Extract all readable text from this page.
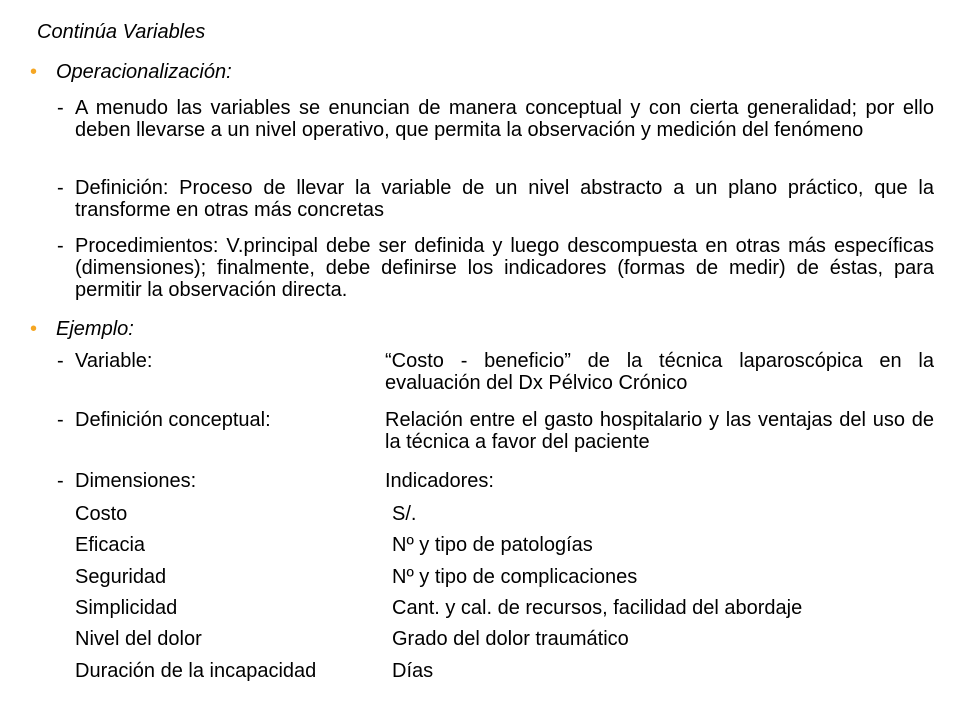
Continúa Variables
• Operacionalización:
- A menudo las variables se enuncian de manera conceptual y con cierta generalidad; por ello deben llevarse a un nivel operativo, que permita la observación y medición del fenómeno
- Definición: Proceso de llevar la variable de un nivel abstracto a un plano práctico, que la transforme en otras más concretas
- Procedimientos: V.principal debe ser definida y luego descompuesta en otras más específicas (dimensiones); finalmente, debe definirse los indicadores (formas de medir) de éstas, para permitir la observación directa.
• Ejemplo:
- Variable:	“Costo - beneficio” de la técnica laparoscópica en la evaluación del Dx Pélvico Crónico
- Definición conceptual:	Relación entre el gasto hospitalario y las ventajas del uso de la técnica a favor del paciente
- Dimensiones:	Indicadores:
Costo	S/.
Eficacia	Nº y tipo de patologías
Seguridad	Nº y tipo de complicaciones
Simplicidad	Cant. y cal. de recursos, facilidad del abordaje
Nivel del dolor	Grado del dolor traumático
Duración de la incapacidad	Días
